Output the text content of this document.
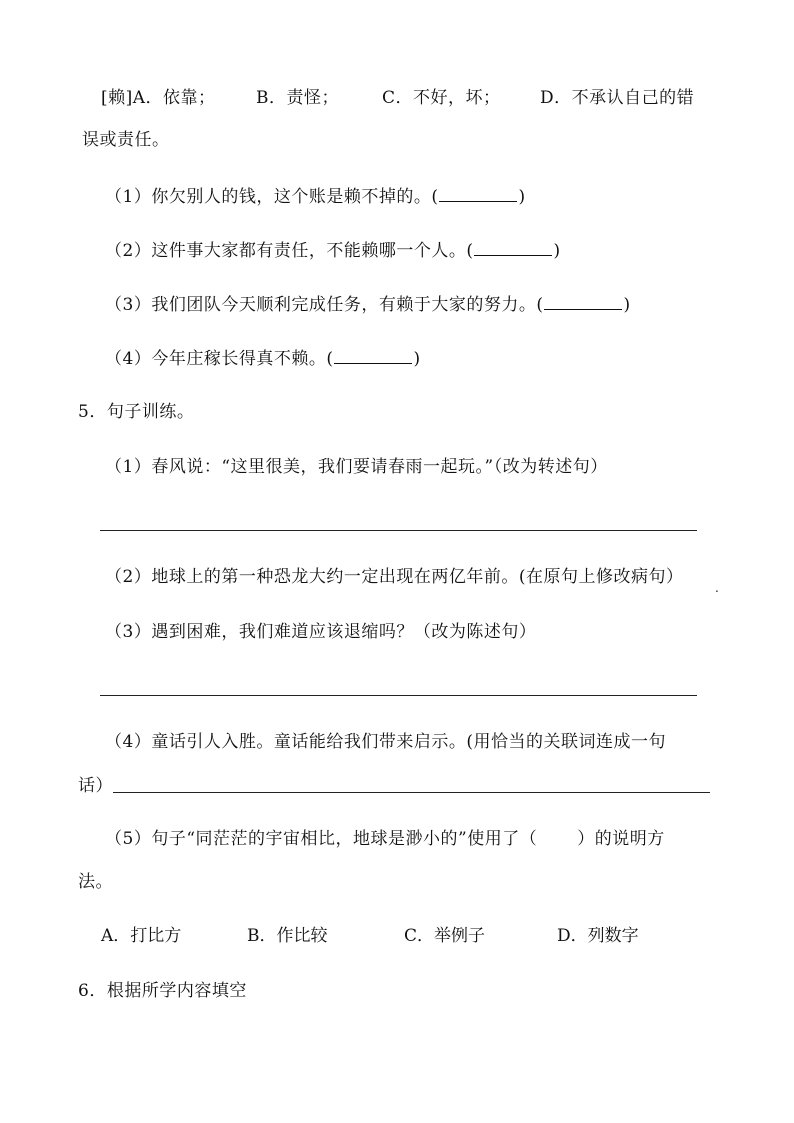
[赖]A．依靠； B．责怪；	C．不好，坏； D．不承认自己的错
误或责任。
（1）你欠别人的钱，这个账是赖不掉的。(	)
（2）这件事大家都有责任，不能赖哪一个人。(	)
（3）我们团队今天顺利完成任务，有赖于大家的努力。(	)
（4）今年庄稼长得真不赖。(	)
5．句子训练。
（1）春风说：“这里很美，我们要请春雨一起玩。”（改为转述句）
（2）地球上的第一种恐龙大约一定出现在两亿年前。(在原句上修改病句）
.
（3）遇到困难，我们难道应该退缩吗？（改为陈述句）
（4）童话引人入胜。童话能给我们带来启示。(用恰当的关联词连成一句
话）
（5）句子“同茫茫的宇宙相比，地球是渺小的”使用了（ ）的说明方
法。
A．打比方	B．作比较	C．举例子	D．列数字
6．根据所学内容填空
